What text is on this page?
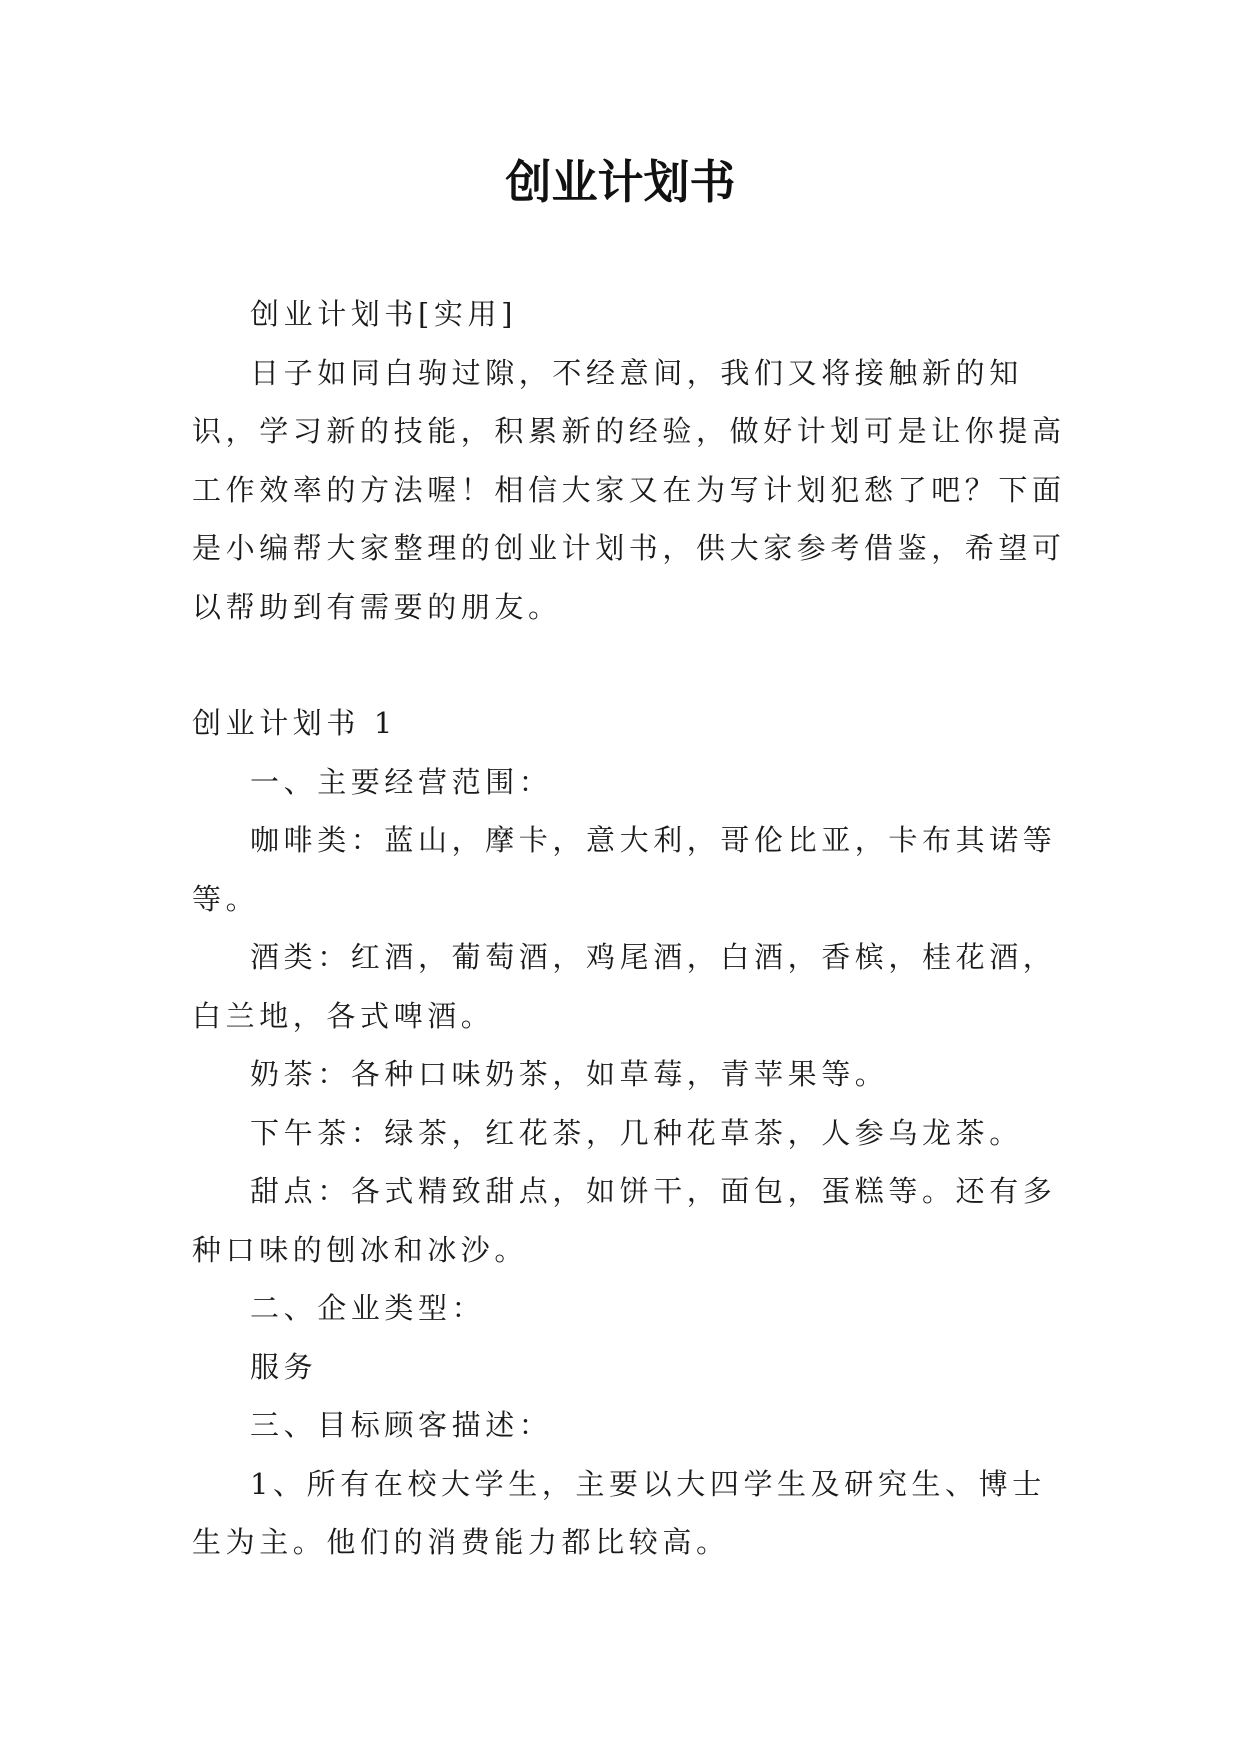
创业计划书

创业计划书[实用]

日子如同白驹过隙，不经意间，我们又将接触新的知识，学习新的技能，积累新的经验，做好计划可是让你提高工作效率的方法喔！相信大家又在为写计划犯愁了吧？下面是小编帮大家整理的创业计划书，供大家参考借鉴，希望可以帮助到有需要的朋友。

创业计划书 1

一、主要经营范围：

咖啡类：蓝山，摩卡，意大利，哥伦比亚，卡布其诺等等。

酒类：红酒，葡萄酒，鸡尾酒，白酒，香槟，桂花酒，白兰地，各式啤酒。

奶茶：各种口味奶茶，如草莓，青苹果等。

下午茶：绿茶，红花茶，几种花草茶，人参乌龙茶。

甜点：各式精致甜点，如饼干，面包，蛋糕等。还有多种口味的刨冰和冰沙。

二、企业类型：

服务

三、目标顾客描述：

1、所有在校大学生，主要以大四学生及研究生、博士生为主。他们的消费能力都比较高。
